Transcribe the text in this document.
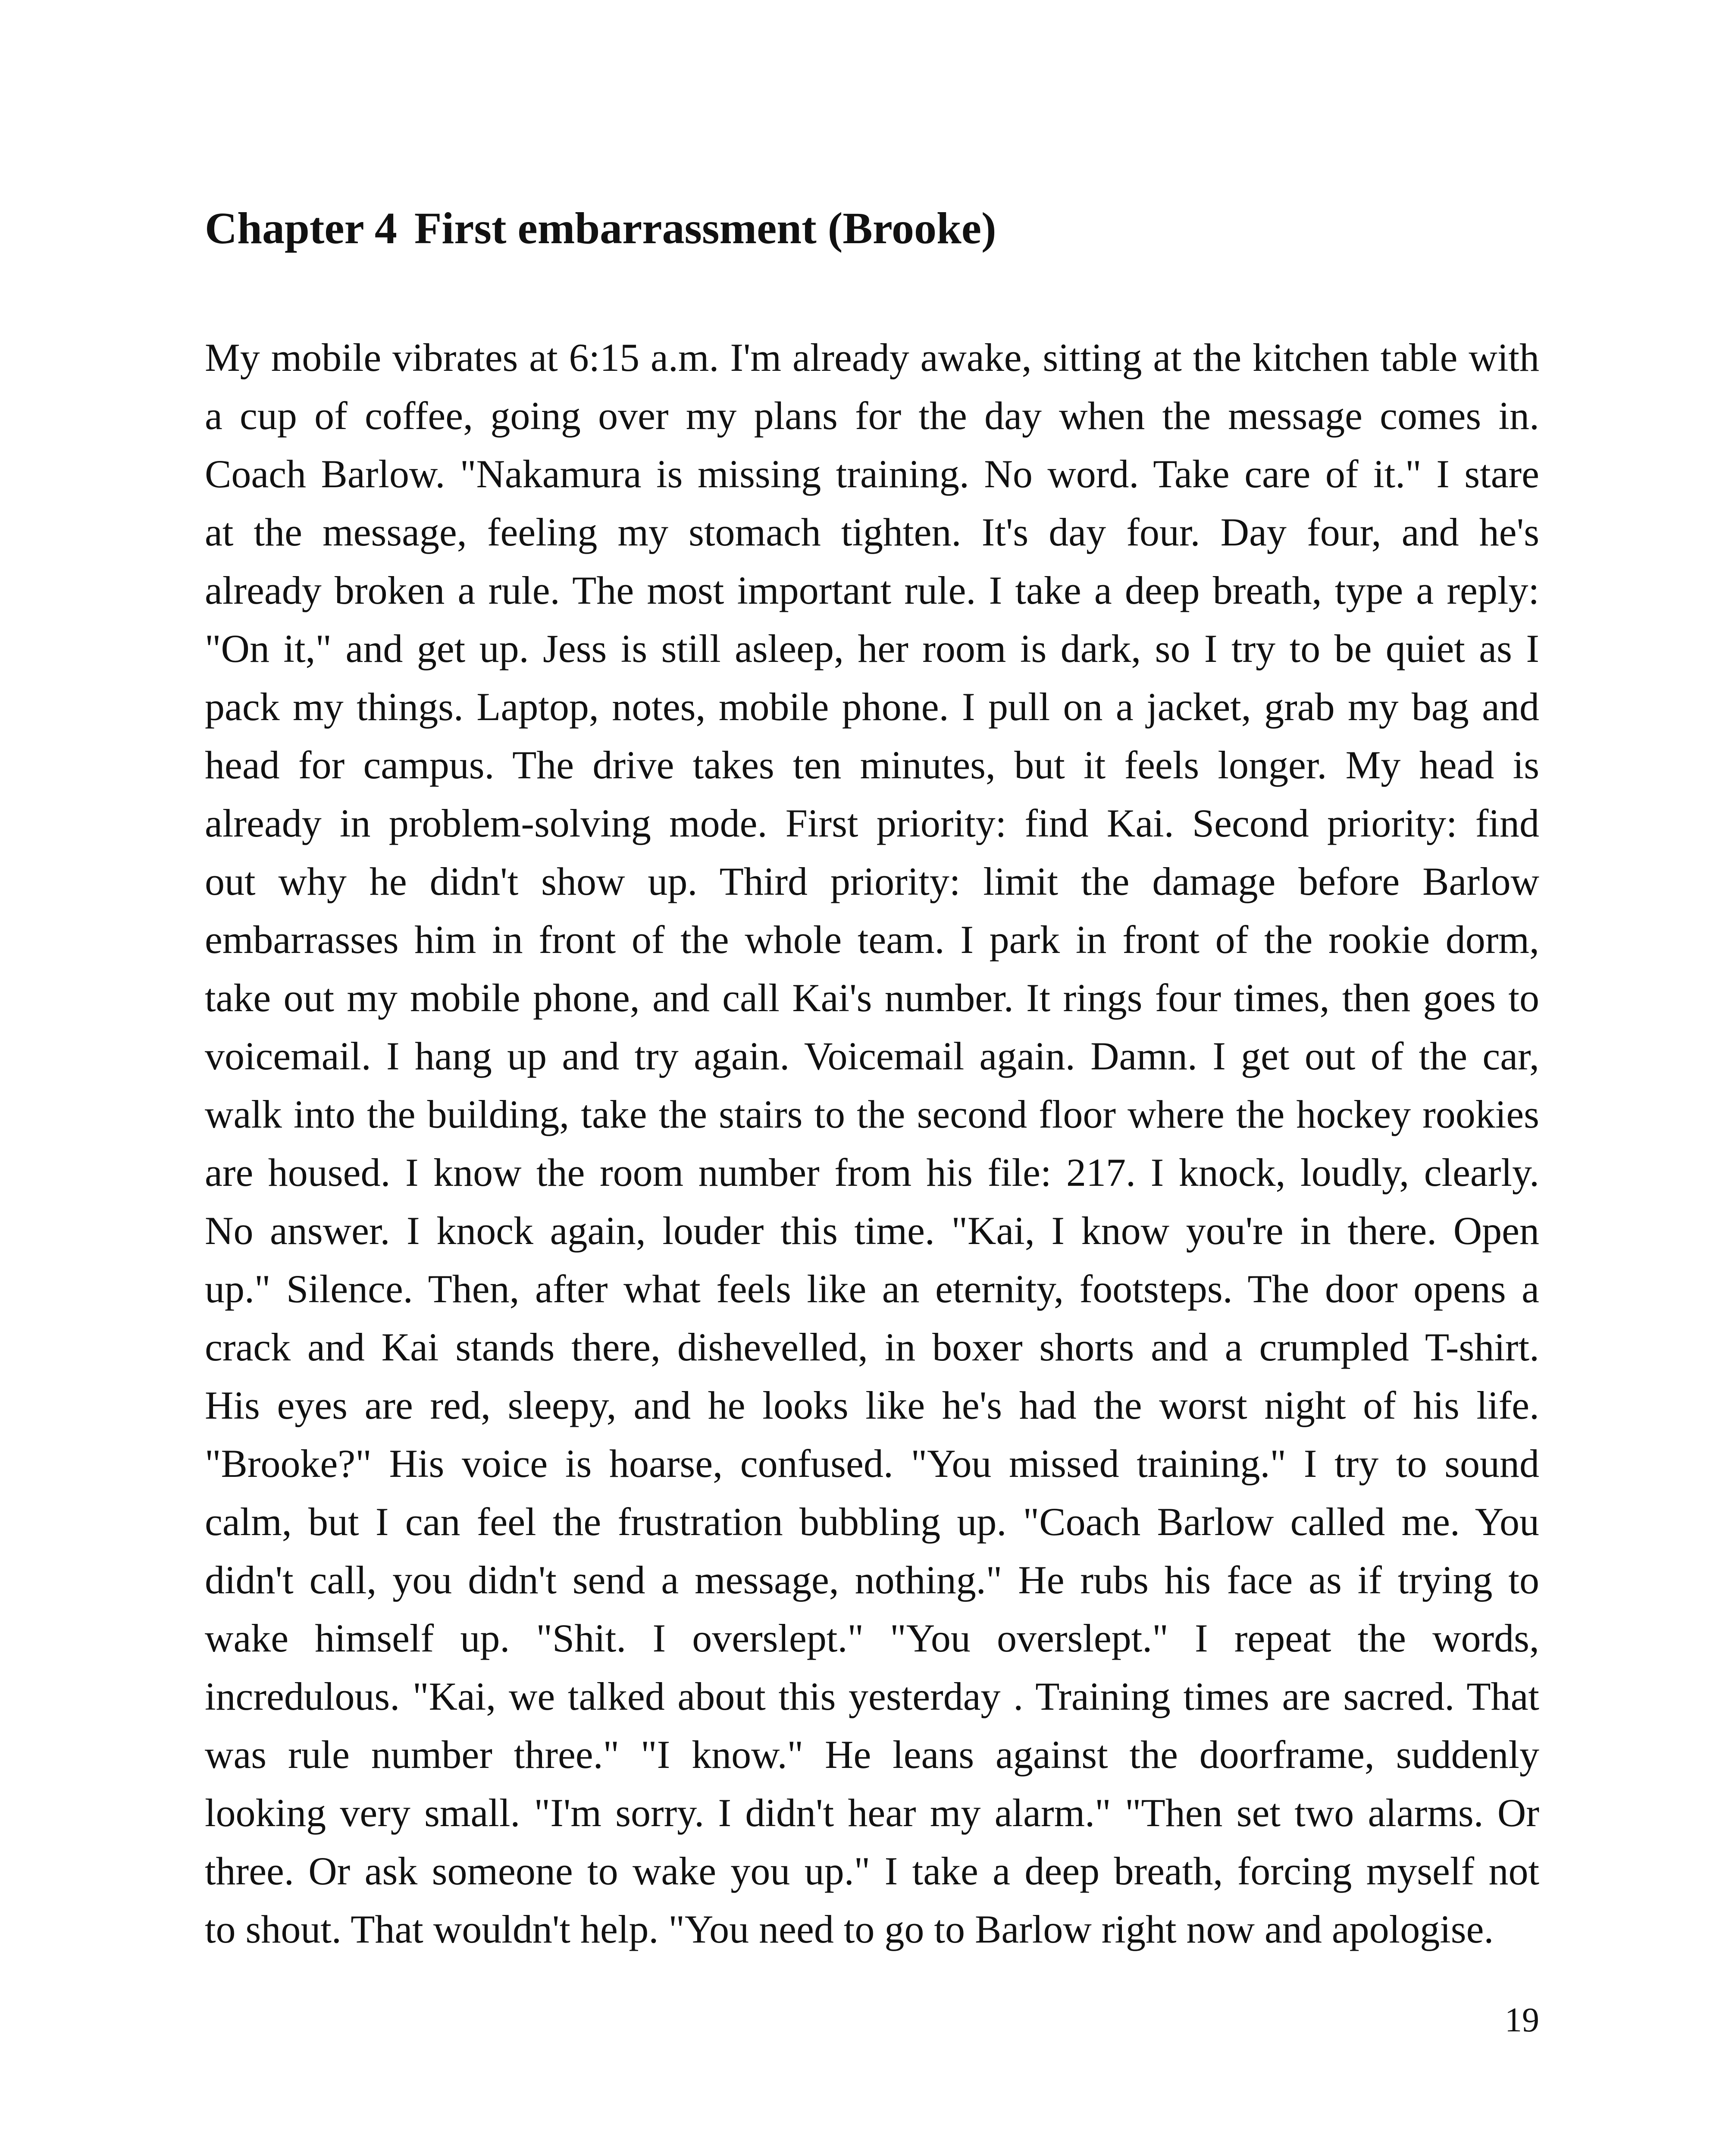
Chapter 4 First embarrassment (Brooke)
My mobile vibrates at 6:15 a.m. I'm already awake, sitting at the kitchen table with
a cup of coffee, going over my plans for the day when the message comes in.
Coach Barlow. "Nakamura is missing training. No word. Take care of it." I stare
at the message, feeling my stomach tighten. It's day four. Day four, and he's
already broken a rule. The most important rule. I take a deep breath, type a reply:
"On it," and get up. Jess is still asleep, her room is dark, so I try to be quiet as I
pack my things. Laptop, notes, mobile phone. I pull on a jacket, grab my bag and
head for campus. The drive takes ten minutes, but it feels longer. My head is
already in problem-solving mode. First priority: find Kai. Second priority: find
out why he didn't show up. Third priority: limit the damage before Barlow
embarrasses him in front of the whole team. I park in front of the rookie dorm,
take out my mobile phone, and call Kai's number. It rings four times, then goes to
voicemail. I hang up and try again. Voicemail again. Damn. I get out of the car,
walk into the building, take the stairs to the second floor where the hockey rookies
are housed. I know the room number from his file: 217. I knock, loudly, clearly.
No answer. I knock again, louder this time. "Kai, I know you're in there. Open
up." Silence. Then, after what feels like an eternity, footsteps. The door opens a
crack and Kai stands there, dishevelled, in boxer shorts and a crumpled T-shirt.
His eyes are red, sleepy, and he looks like he's had the worst night of his life.
"Brooke?" His voice is hoarse, confused. "You missed training." I try to sound
calm, but I can feel the frustration bubbling up. "Coach Barlow called me. You
didn't call, you didn't send a message, nothing." He rubs his face as if trying to
wake himself up. "Shit. I overslept." "You overslept." I repeat the words,
incredulous. "Kai, we talked about this yesterday . Training times are sacred. That
was rule number three." "I know." He leans against the doorframe, suddenly
looking very small. "I'm sorry. I didn't hear my alarm." "Then set two alarms. Or
three. Or ask someone to wake you up." I take a deep breath, forcing myself not
to shout. That wouldn't help. "You need to go to Barlow right now and apologise.

19
